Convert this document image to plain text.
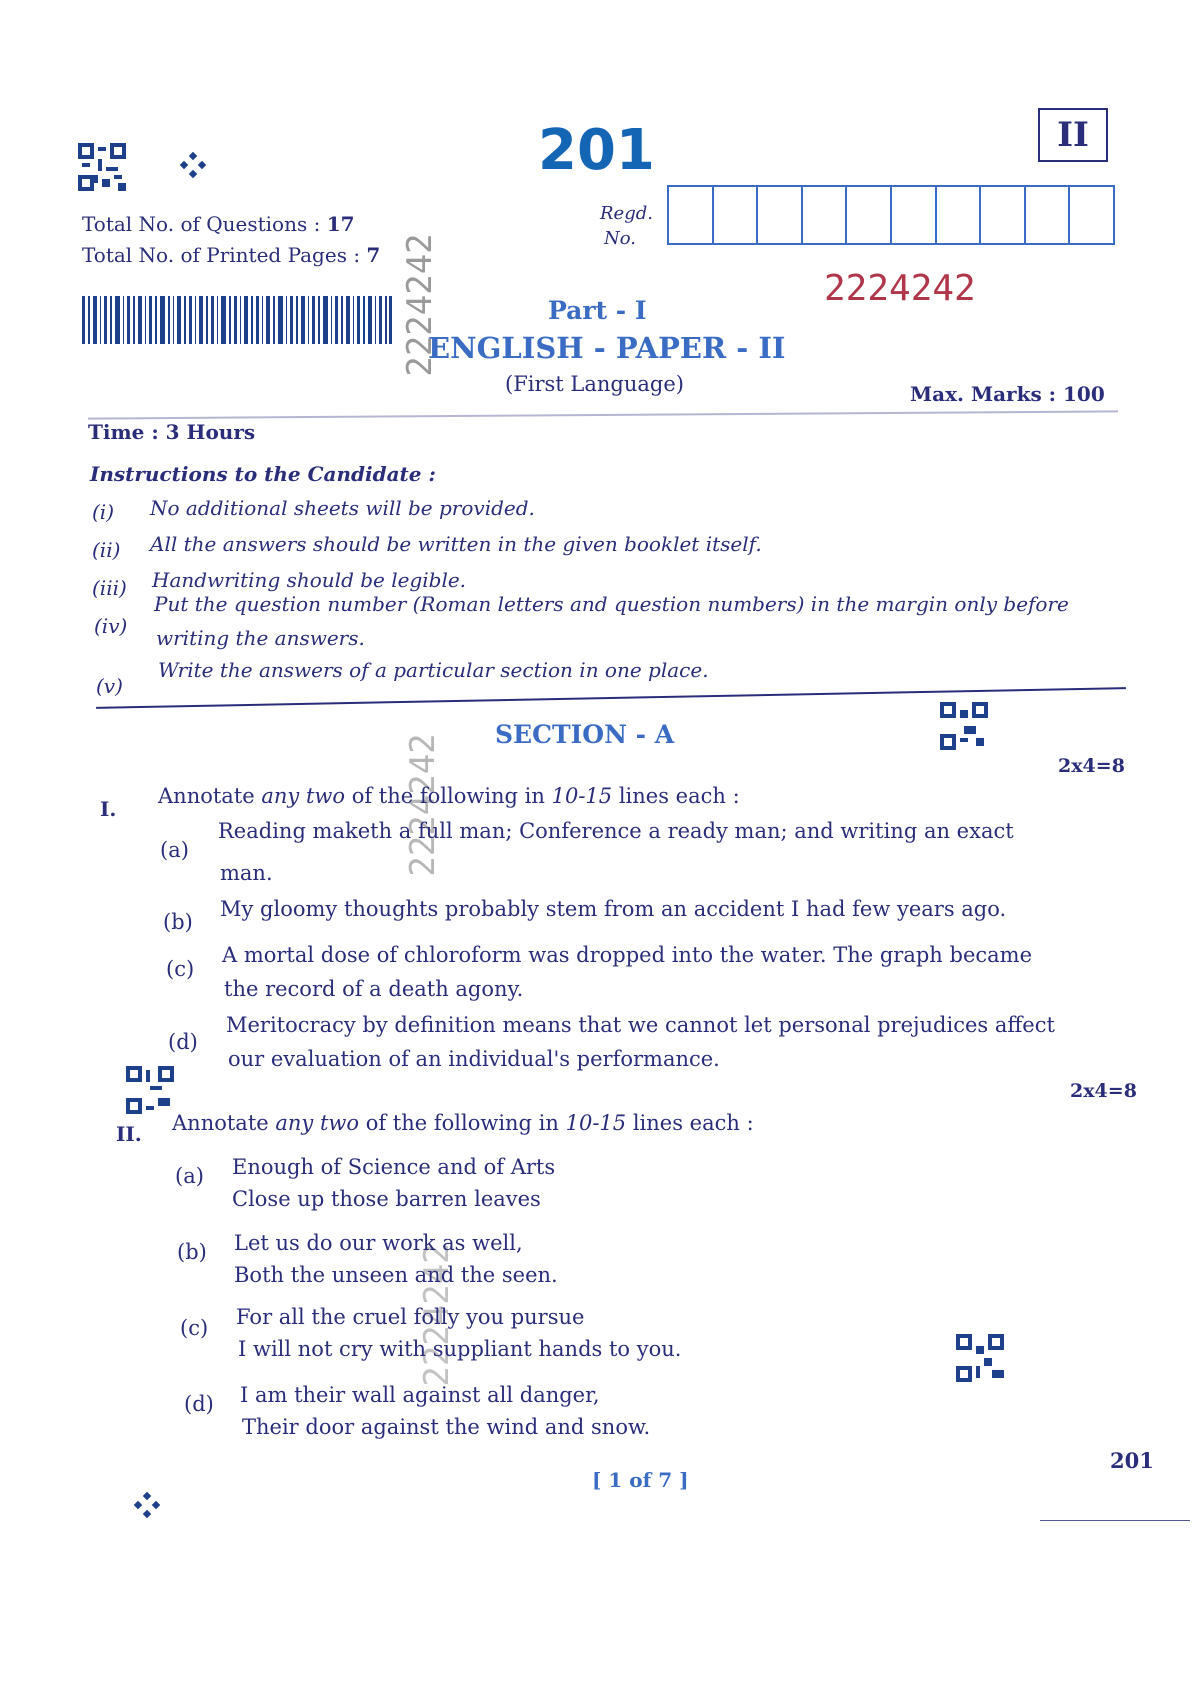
201	II
Total No. of Questions : 17
Total No. of Printed Pages : 7
Regd.
No.
2224242
2224242
2224242
2224242
Part - I
ENGLISH - PAPER - II
(First Language)	Max. Marks : 100
Time : 3 Hours
Instructions to the Candidate :
(i) No additional sheets will be provided.
(ii) All the answers should be written in the given booklet itself.
(iii) Handwriting should be legible.
(iv)
Put the question number (Roman letters and question numbers) in the margin only before
writing the answers.
(v)
Write the answers of a particular section in one place.
SECTION - A
2x4=8
I.
Annotate any two of the following in 10-15 lines each :
(a)
Reading maketh a full man; Conference a ready man; and writing an exact
man.
(b)
My gloomy thoughts probably stem from an accident I had few years ago.
(c)
A mortal dose of chloroform was dropped into the water. The graph became
the record of a death agony.
(d)
Meritocracy by definition means that we cannot let personal prejudices affect
our evaluation of an individual's performance.
2x4=8
II. Annotate any two of the following in 10-15 lines each :
(a) Enough of Science and of Arts
Close up those barren leaves
(b) Let us do our work as well,
Both the unseen and the seen.
(c) For all the cruel folly you pursue
I will not cry with suppliant hands to you.
(d) I am their wall against all danger,
Their door against the wind and snow.
201
[ 1 of 7 ]
